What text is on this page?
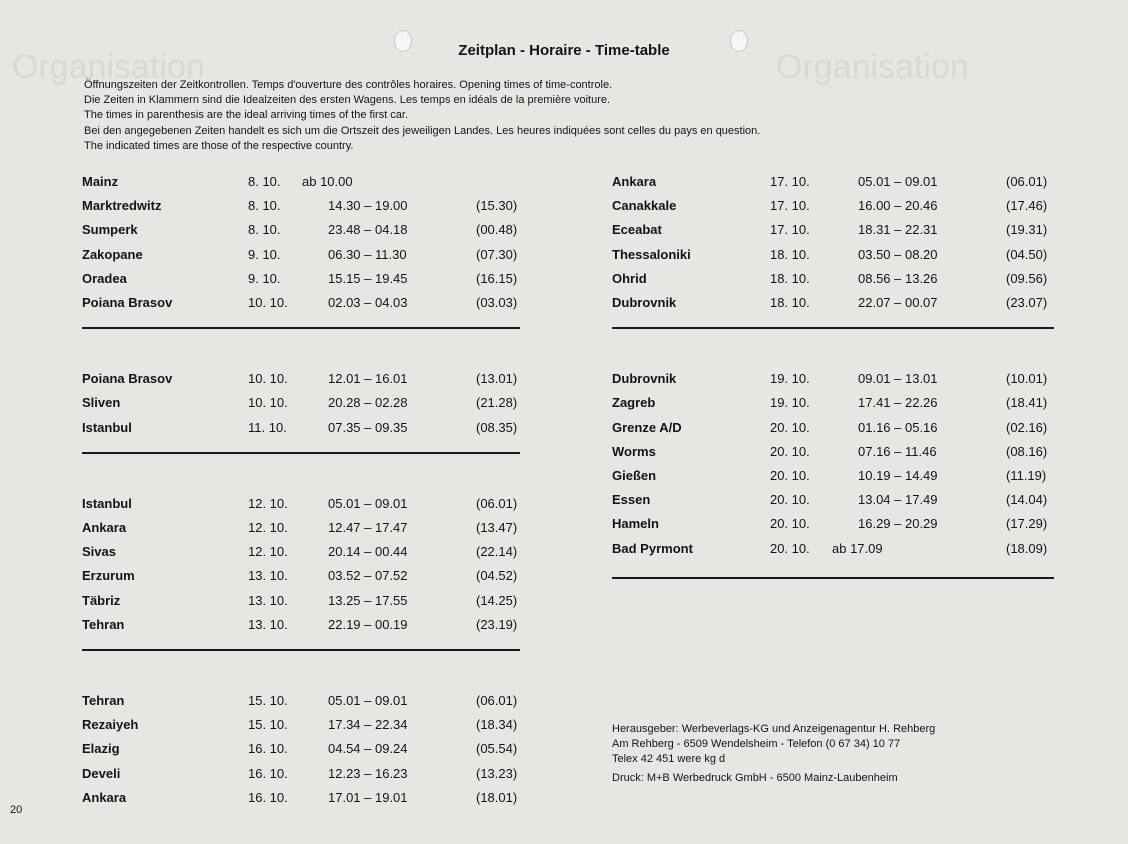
Organisation	Organisation
Zeitplan - Horaire - Time-table
Öffnungszeiten der Zeitkontrollen. Temps d'ouverture des contrôles horaires. Opening times of time-controle.
Die Zeiten in Klammern sind die Idealzeiten des ersten Wagens. Les temps en idéals de la première voiture.
The times in parenthesis are the ideal arriving times of the first car.
Bei den angegebenen Zeiten handelt es sich um die Ortszeit des jeweiligen Landes. Les heures indiquées sont celles du pays en question.
The indicated times are those of the respective country.
Mainz	8. 10. ab 10.00
Marktredwitz	8. 10.	14.30 – 19.00	(15.30)
Sumperk	8. 10.	23.48 – 04.18	(00.48)
Zakopane	9. 10.	06.30 – 11.30	(07.30)
Oradea	9. 10.	15.15 – 19.45	(16.15)
Poiana Brasov	10. 10.	02.03 – 04.03	(03.03)
Poiana Brasov	10. 10.	12.01 – 16.01	(13.01)
Sliven	10. 10.	20.28 – 02.28	(21.28)
Istanbul	11. 10.	07.35 – 09.35	(08.35)
Istanbul	12. 10.	05.01 – 09.01	(06.01)
Ankara	12. 10.	12.47 – 17.47	(13.47)
Sivas	12. 10.	20.14 – 00.44	(22.14)
Erzurum	13. 10.	03.52 – 07.52	(04.52)
Täbriz	13. 10.	13.25 – 17.55	(14.25)
Tehran	13. 10.	22.19 – 00.19	(23.19)
Tehran	15. 10.	05.01 – 09.01	(06.01)
Rezaiyeh	15. 10.	17.34 – 22.34	(18.34)
Elazig	16. 10.	04.54 – 09.24	(05.54)
Develi	16. 10.	12.23 – 16.23	(13.23)
Ankara	16. 10.	17.01 – 19.01	(18.01)
Ankara	17. 10.	05.01 – 09.01	(06.01)
Canakkale	17. 10.	16.00 – 20.46	(17.46)
Eceabat	17. 10.	18.31 – 22.31	(19.31)
Thessaloniki	18. 10.	03.50 – 08.20	(04.50)
Ohrid	18. 10.	08.56 – 13.26	(09.56)
Dubrovnik	18. 10.	22.07 – 00.07	(23.07)
Dubrovnik	19. 10.	09.01 – 13.01	(10.01)
Zagreb	19. 10.	17.41 – 22.26	(18.41)
Grenze A/D	20. 10.	01.16 – 05.16	(02.16)
Worms	20. 10.	07.16 – 11.46	(08.16)
Gießen	20. 10.	10.19 – 14.49	(11.19)
Essen	20. 10.	13.04 – 17.49	(14.04)
Hameln	20. 10.	16.29 – 20.29	(17.29)
Bad Pyrmont	20. 10. ab 17.09	(18.09)
Herausgeber: Werbeverlags-KG und Anzeigenagentur H. Rehberg
Am Rehberg - 6509 Wendelsheim - Telefon (0 67 34) 10 77
Telex 42 451 were kg d
Druck: M+B Werbedruck GmbH - 6500 Mainz-Laubenheim
20
